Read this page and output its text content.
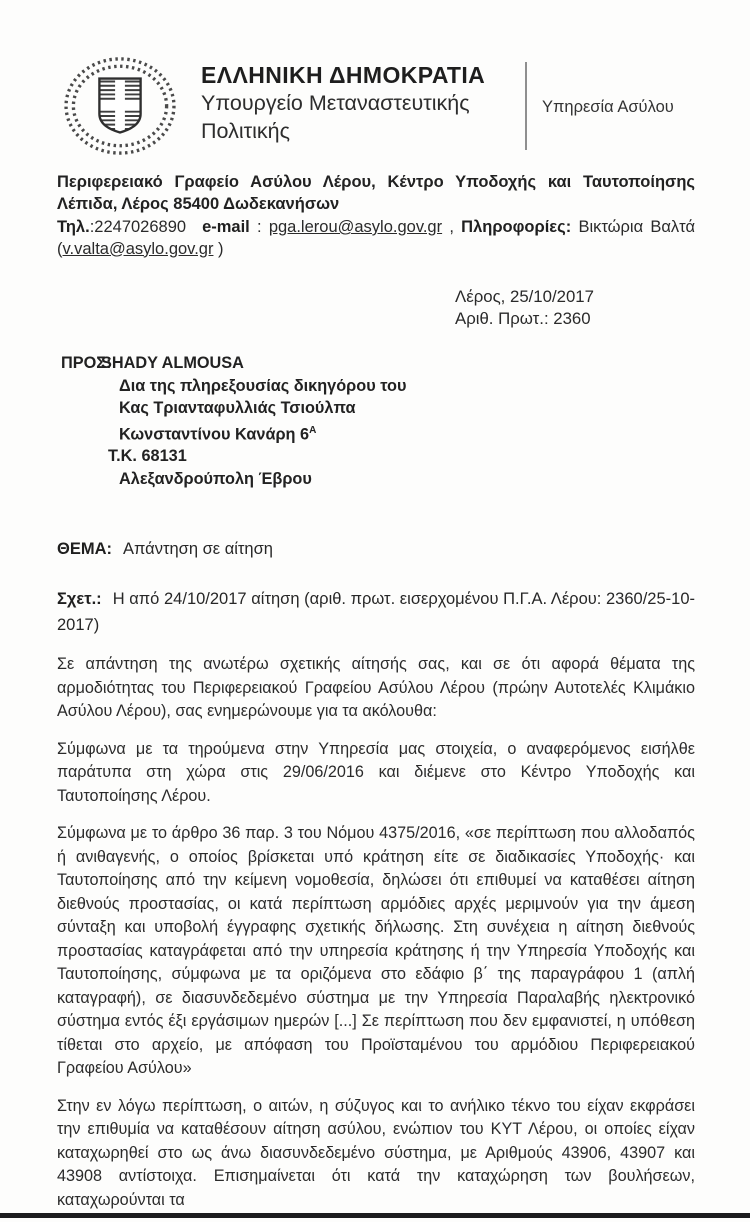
ΕΛΛΗΝΙΚΗ ΔΗΜΟΚΡΑΤΙΑ
Υπουργείο Μεταναστευτικής
Πολιτικής
Υπηρεσία Ασύλου

Περιφερειακό Γραφείο Ασύλου Λέρου, Κέντρο Υποδοχής και Ταυτοποίησης Λέπιδα, Λέρος 85400 Δωδεκανήσων

Τηλ.:2247026890 e-mail : pga.lerou@asylo.gov.gr , Πληροφορίες: Βικτώρια Βαλτά (v.valta@asylo.gov.gr )

Λέρος, 25/10/2017
Αριθ. Πρωτ.: 2360
ΠΡΟΣ:SHADY ALMOUSA
Δια της πληρεξουσίας δικηγόρου του
Κας Τριανταφυλλιάς Τσιούλπα
Κωνσταντίνου Κανάρη $6^A$
Τ.Κ. 68131
Αλεξανδρούπολη Έβρου

ΘΕΜΑ: Απάντηση σε αίτηση

Σχετ.: Η από 24/10/2017 αίτηση (αριθ. πρωτ. εισερχομένου Π.Γ.Α. Λέρου: 2360/25-10-2017)

Σε απάντηση της ανωτέρω σχετικής αίτησής σας, και σε ότι αφορά θέματα της αρμοδιότητας του Περιφερειακού Γραφείου Ασύλου Λέρου (πρώην Αυτοτελές Κλιμάκιο Ασύλου Λέρου), σας ενημερώνουμε για τα ακόλουθα:

Σύμφωνα με τα τηρούμενα στην Υπηρεσία μας στοιχεία, ο αναφερόμενος εισήλθε παράτυπα στη χώρα στις 29/06/2016 και διέμενε στο Κέντρο Υποδοχής και Ταυτοποίησης Λέρου.

Σύμφωνα με το άρθρο 36 παρ. 3 του Νόμου 4375/2016, «σε περίπτωση που αλλοδαπός ή ανιθαγενής, ο οποίος βρίσκεται υπό κράτηση είτε σε διαδικασίες Υποδοχής· και Ταυτοποίησης από την κείμενη νομοθεσία, δηλώσει ότι επιθυμεί να καταθέσει αίτηση διεθνούς προστασίας, οι κατά περίπτωση αρμόδιες αρχές μεριμνούν για την άμεση σύνταξη και υποβολή έγγραφης σχετικής δήλωσης. Στη συνέχεια η αίτηση διεθνούς προστασίας καταγράφεται από την υπηρεσία κράτησης ή την Υπηρεσία Υποδοχής και Ταυτοποίησης, σύμφωνα με τα οριζόμενα στο εδάφιο β΄ της παραγράφου 1 (απλή καταγραφή), σε διασυνδεδεμένο σύστημα με την Υπηρεσία Παραλαβής ηλεκτρονικό σύστημα εντός έξι εργάσιμων ημερών [...] Σε περίπτωση που δεν εμφανιστεί, η υπόθεση τίθεται στο αρχείο, με απόφαση του Προϊσταμένου του αρμόδιου Περιφερειακού Γραφείου Ασύλου»

Στην εν λόγω περίπτωση, ο αιτών, η σύζυγος και το ανήλικο τέκνο του είχαν εκφράσει την επιθυμία να καταθέσουν αίτηση ασύλου, ενώπιον του ΚΥΤ Λέρου, οι οποίες είχαν καταχωρηθεί στο ως άνω διασυνδεδεμένο σύστημα, με Αριθμούς 43906, 43907 και 43908 αντίστοιχα. Επισημαίνεται ότι κατά την καταχώρηση των βουλήσεων, καταχωρούνται τα
